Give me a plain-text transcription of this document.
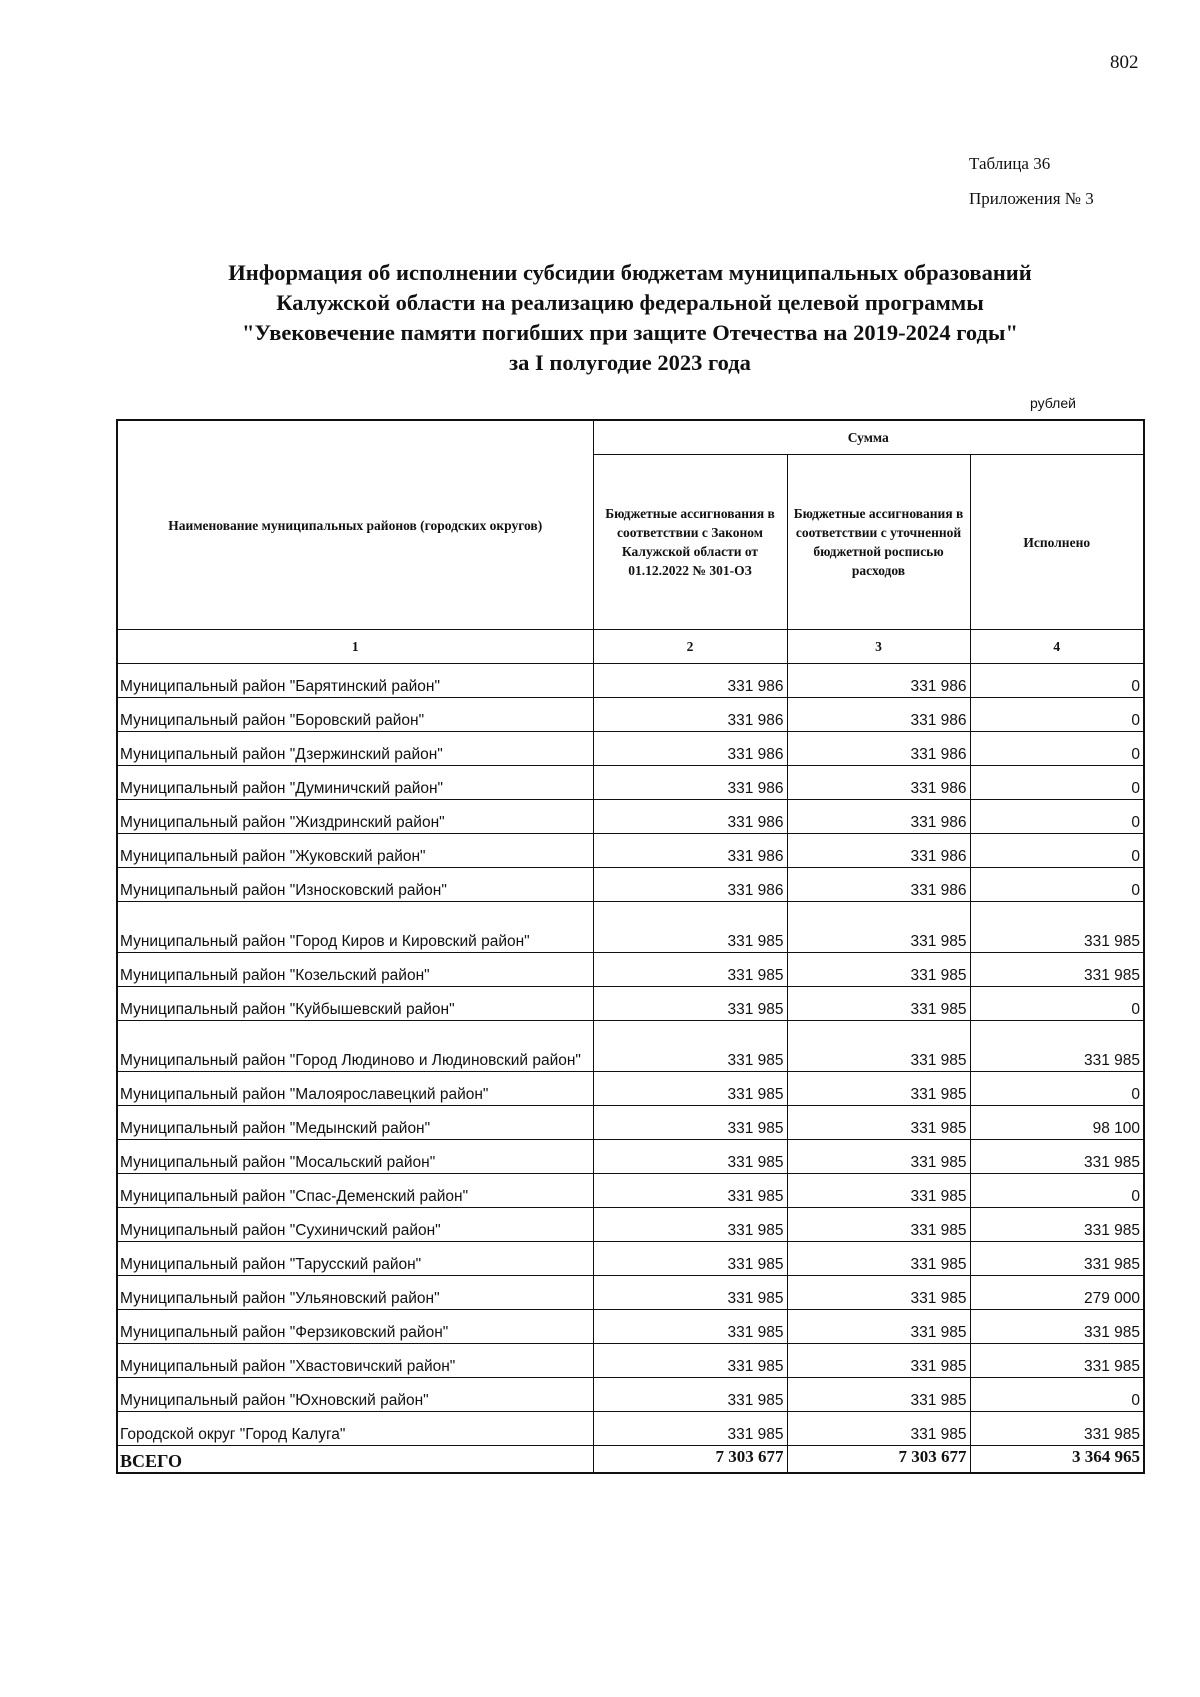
802
Таблица 36
Приложения № 3
Информация об исполнении субсидии бюджетам муниципальных образований
Калужской области на реализацию федеральной целевой программы
"Увековечение памяти погибших при защите Отечества на 2019-2024 годы"
за I полугодие 2023 года
рублей
Наименование муниципальных районов (городских округов)	Сумма		
	Бюджетные ассигнования в соответствии с Законом Калужской области от 01.12.2022 № 301-ОЗ	Бюджетные ассигнования в соответствии с уточненной бюджетной росписью расходов	Исполнено
1	2	3	4
Муниципальный район "Барятинский район"	331 986	331 986	0
Муниципальный район "Боровский район"	331 986	331 986	0
Муниципальный район "Дзержинский район"	331 986	331 986	0
Муниципальный район "Думиничский район"	331 986	331 986	0
Муниципальный район "Жиздринский район"	331 986	331 986	0
Муниципальный район "Жуковский район"	331 986	331 986	0
Муниципальный район "Износковский район"	331 986	331 986	0
Муниципальный район "Город Киров и Кировский район"	331 985	331 985	331 985
Муниципальный район "Козельский район"	331 985	331 985	331 985
Муниципальный район "Куйбышевский район"	331 985	331 985	0
Муниципальный район "Город Людиново и Людиновский район"	331 985	331 985	331 985
Муниципальный район "Малоярославецкий район"	331 985	331 985	0
Муниципальный район "Медынский район"	331 985	331 985	98 100
Муниципальный район "Мосальский район"	331 985	331 985	331 985
Муниципальный район "Спас-Деменский район"	331 985	331 985	0
Муниципальный район "Сухиничский район"	331 985	331 985	331 985
Муниципальный район "Тарусский район"	331 985	331 985	331 985
Муниципальный район "Ульяновский район"	331 985	331 985	279 000
Муниципальный район "Ферзиковский район"	331 985	331 985	331 985
Муниципальный район "Хвастовичский район"	331 985	331 985	331 985
Муниципальный район "Юхновский район"	331 985	331 985	0
Городской округ "Город Калуга"	331 985	331 985	331 985
ВСЕГО	7 303 677	7 303 677	3 364 965
